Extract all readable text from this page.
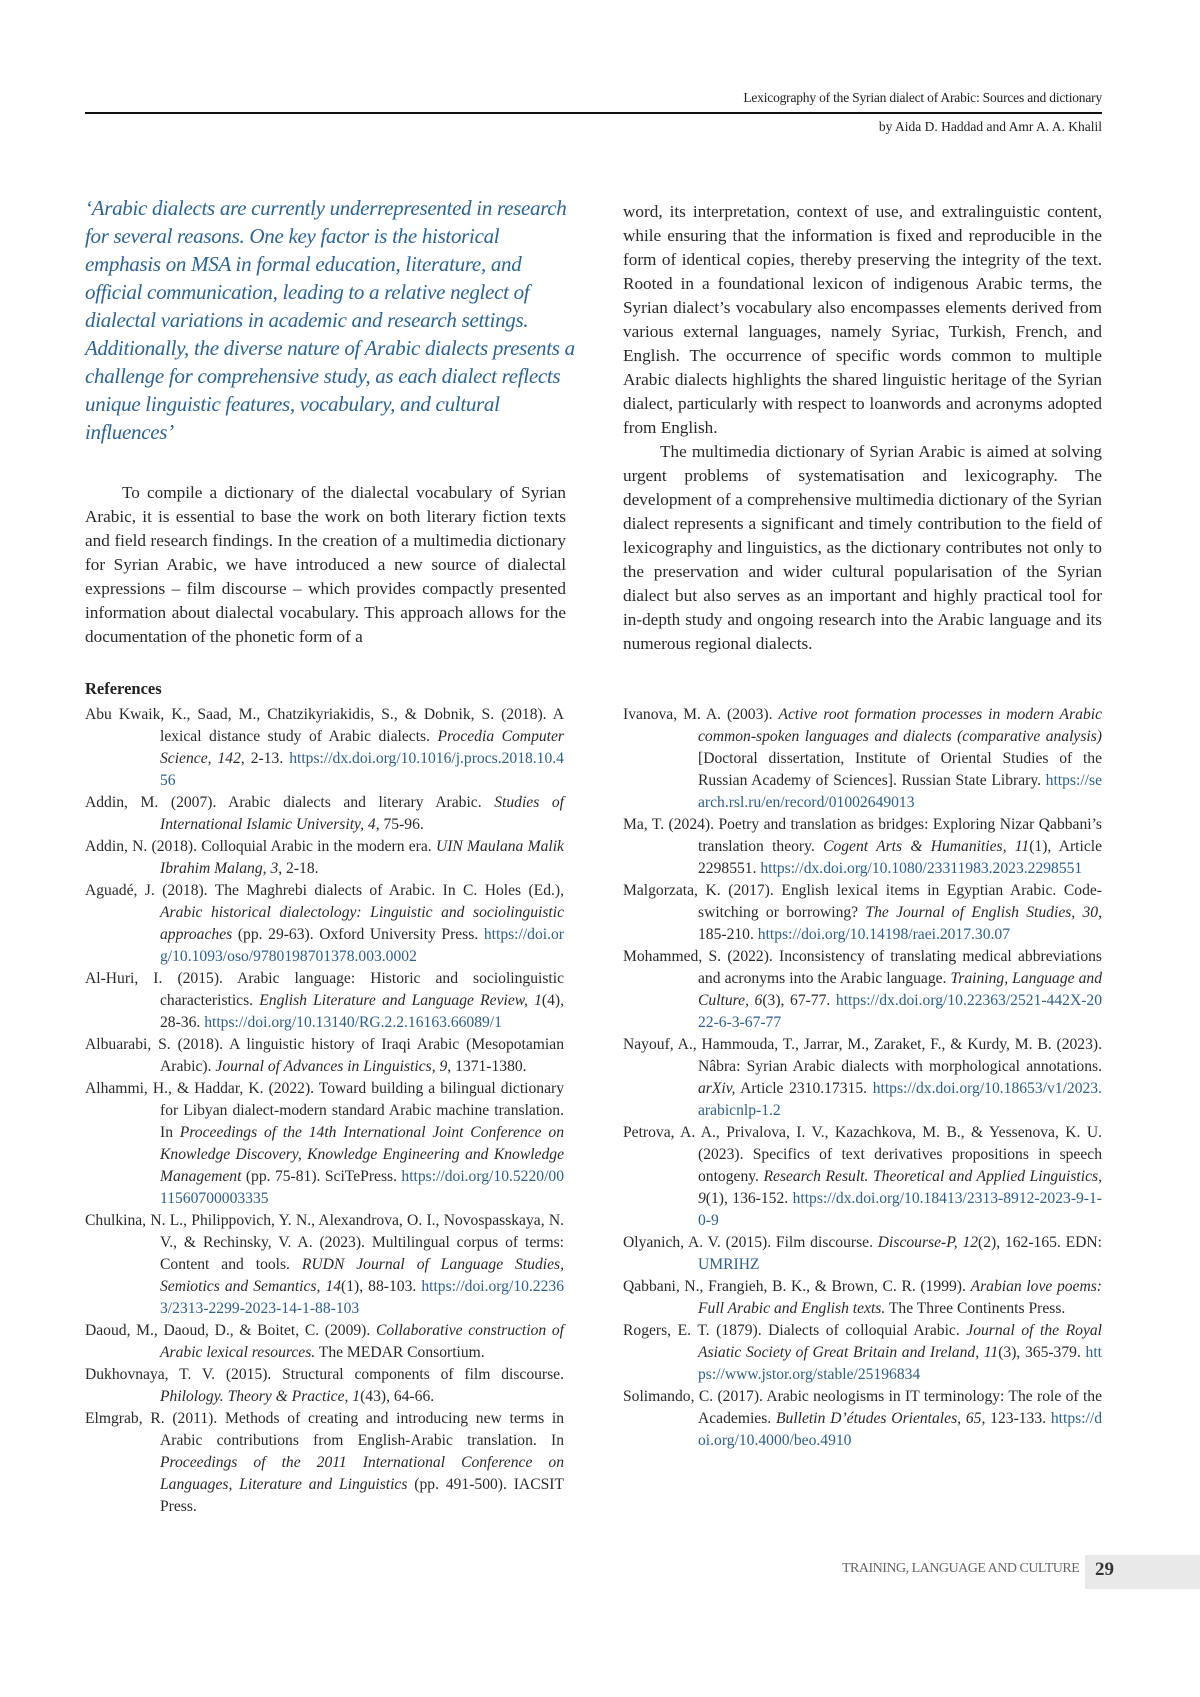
Lexicography of the Syrian dialect of Arabic: Sources and dictionary
by Aida D. Haddad and Amr A. A. Khalil
‘Arabic dialects are currently underrepresented in research for several reasons. One key factor is the historical emphasis on MSA in formal education, literature, and official communication, leading to a relative neglect of dialectal variations in academic and research settings. Additionally, the diverse nature of Arabic dialects presents a challenge for comprehensive study, as each dialect reflects unique linguistic features, vocabulary, and cultural influences’

To compile a dictionary of the dialectal vocabulary of Syrian Arabic, it is essential to base the work on both literary fiction texts and field research findings. In the creation of a multimedia dictionary for Syrian Arabic, we have introduced a new source of dialectal expressions – film discourse – which provides compactly presented information about dialectal vocabulary. This approach allows for the documentation of the phonetic form of a

word, its interpretation, context of use, and extralinguistic content, while ensuring that the information is fixed and reproducible in the form of identical copies, thereby preserving the integrity of the text. Rooted in a foundational lexicon of indigenous Arabic terms, the Syrian dialect’s vocabulary also encompasses elements derived from various external languages, namely Syriac, Turkish, French, and English. The occurrence of specific words common to multiple Arabic dialects highlights the shared linguistic heritage of the Syrian dialect, particularly with respect to loanwords and acronyms adopted from English.

The multimedia dictionary of Syrian Arabic is aimed at solving urgent problems of systematisation and lexicography. The development of a comprehensive multimedia dictionary of the Syrian dialect represents a significant and timely contribution to the field of lexicography and linguistics, as the dictionary contributes not only to the preservation and wider cultural popularisation of the Syrian dialect but also serves as an important and highly practical tool for in-depth study and ongoing research into the Arabic language and its numerous regional dialects.

References

Abu Kwaik, K., Saad, M., Chatzikyriakidis, S., & Dobnik, S. (2018). A lexical distance study of Arabic dialects. Procedia Computer Science, 142, 2-13. https://dx.doi.org/10.1016/j.procs.2018.10.456

Addin, M. (2007). Arabic dialects and literary Arabic. Studies of International Islamic University, 4, 75-96.

Addin, N. (2018). Colloquial Arabic in the modern era. UIN Maulana Malik Ibrahim Malang, 3, 2-18.

Aguadé, J. (2018). The Maghrebi dialects of Arabic. In C. Holes (Ed.), Arabic historical dialectology: Linguistic and sociolinguistic approaches (pp. 29-63). Oxford University Press. https://doi.org/10.1093/oso/9780198701378.003.0002

Al-Huri, I. (2015). Arabic language: Historic and sociolinguistic characteristics. English Literature and Language Review, 1(4), 28-36. https://doi.org/10.13140/RG.2.2.16163.66089/1

Albuarabi, S. (2018). A linguistic history of Iraqi Arabic (Mesopotamian Arabic). Journal of Advances in Linguistics, 9, 1371-1380.

Alhammi, H., & Haddar, K. (2022). Toward building a bilingual dictionary for Libyan dialect-modern standard Arabic machine translation. In Proceedings of the 14th International Joint Conference on Knowledge Discovery, Knowledge Engineering and Knowledge Management (pp. 75-81). SciTePress. https://doi.org/10.5220/0011560700003335

Chulkina, N. L., Philippovich, Y. N., Alexandrova, O. I., Novospasskaya, N. V., & Rechinsky, V. A. (2023). Multilingual corpus of terms: Content and tools. RUDN Journal of Language Studies, Semiotics and Semantics, 14(1), 88-103. https://doi.org/10.22363/2313-2299-2023-14-1-88-103

Daoud, M., Daoud, D., & Boitet, C. (2009). Collaborative construction of Arabic lexical resources. The MEDAR Consortium.

Dukhovnaya, T. V. (2015). Structural components of film discourse. Philology. Theory & Practice, 1(43), 64-66.

Elmgrab, R. (2011). Methods of creating and introducing new terms in Arabic contributions from English-Arabic translation. In Proceedings of the 2011 International Conference on Languages, Literature and Linguistics (pp. 491-500). IACSIT Press.

Ivanova, M. A. (2003). Active root formation processes in modern Arabic common-spoken languages and dialects (comparative analysis) [Doctoral dissertation, Institute of Oriental Studies of the Russian Academy of Sciences]. Russian State Library. https://search.rsl.ru/en/record/01002649013

Ma, T. (2024). Poetry and translation as bridges: Exploring Nizar Qabbani’s translation theory. Cogent Arts & Humanities, 11(1), Article 2298551. https://dx.doi.org/10.1080/23311983.2023.2298551

Malgorzata, K. (2017). English lexical items in Egyptian Arabic. Code-switching or borrowing? The Journal of English Studies, 30, 185-210. https://doi.org/10.14198/raei.2017.30.07

Mohammed, S. (2022). Inconsistency of translating medical abbreviations and acronyms into the Arabic language. Training, Language and Culture, 6(3), 67-77. https://dx.doi.org/10.22363/2521-442X-2022-6-3-67-77

Nayouf, A., Hammouda, T., Jarrar, M., Zaraket, F., & Kurdy, M. B. (2023). Nâbra: Syrian Arabic dialects with morphological annotations. arXiv, Article 2310.17315. https://dx.doi.org/10.18653/v1/2023.arabicnlp-1.2

Petrova, A. A., Privalova, I. V., Kazachkova, M. B., & Yessenova, K. U. (2023). Specifics of text derivatives propositions in speech ontogeny. Research Result. Theoretical and Applied Linguistics, 9(1), 136-152. https://dx.doi.org/10.18413/2313-8912-2023-9-1-0-9

Olyanich, A. V. (2015). Film discourse. Discourse-P, 12(2), 162-165. EDN: UMRIHZ

Qabbani, N., Frangieh, B. K., & Brown, C. R. (1999). Arabian love poems: Full Arabic and English texts. The Three Continents Press.

Rogers, E. T. (1879). Dialects of colloquial Arabic. Journal of the Royal Asiatic Society of Great Britain and Ireland, 11(3), 365-379. https://www.jstor.org/stable/25196834

Solimando, C. (2017). Arabic neologisms in IT terminology: The role of the Academies. Bulletin D’études Orientales, 65, 123-133. https://doi.org/10.4000/beo.4910

TRAINING, LANGUAGE AND CULTURE 29
